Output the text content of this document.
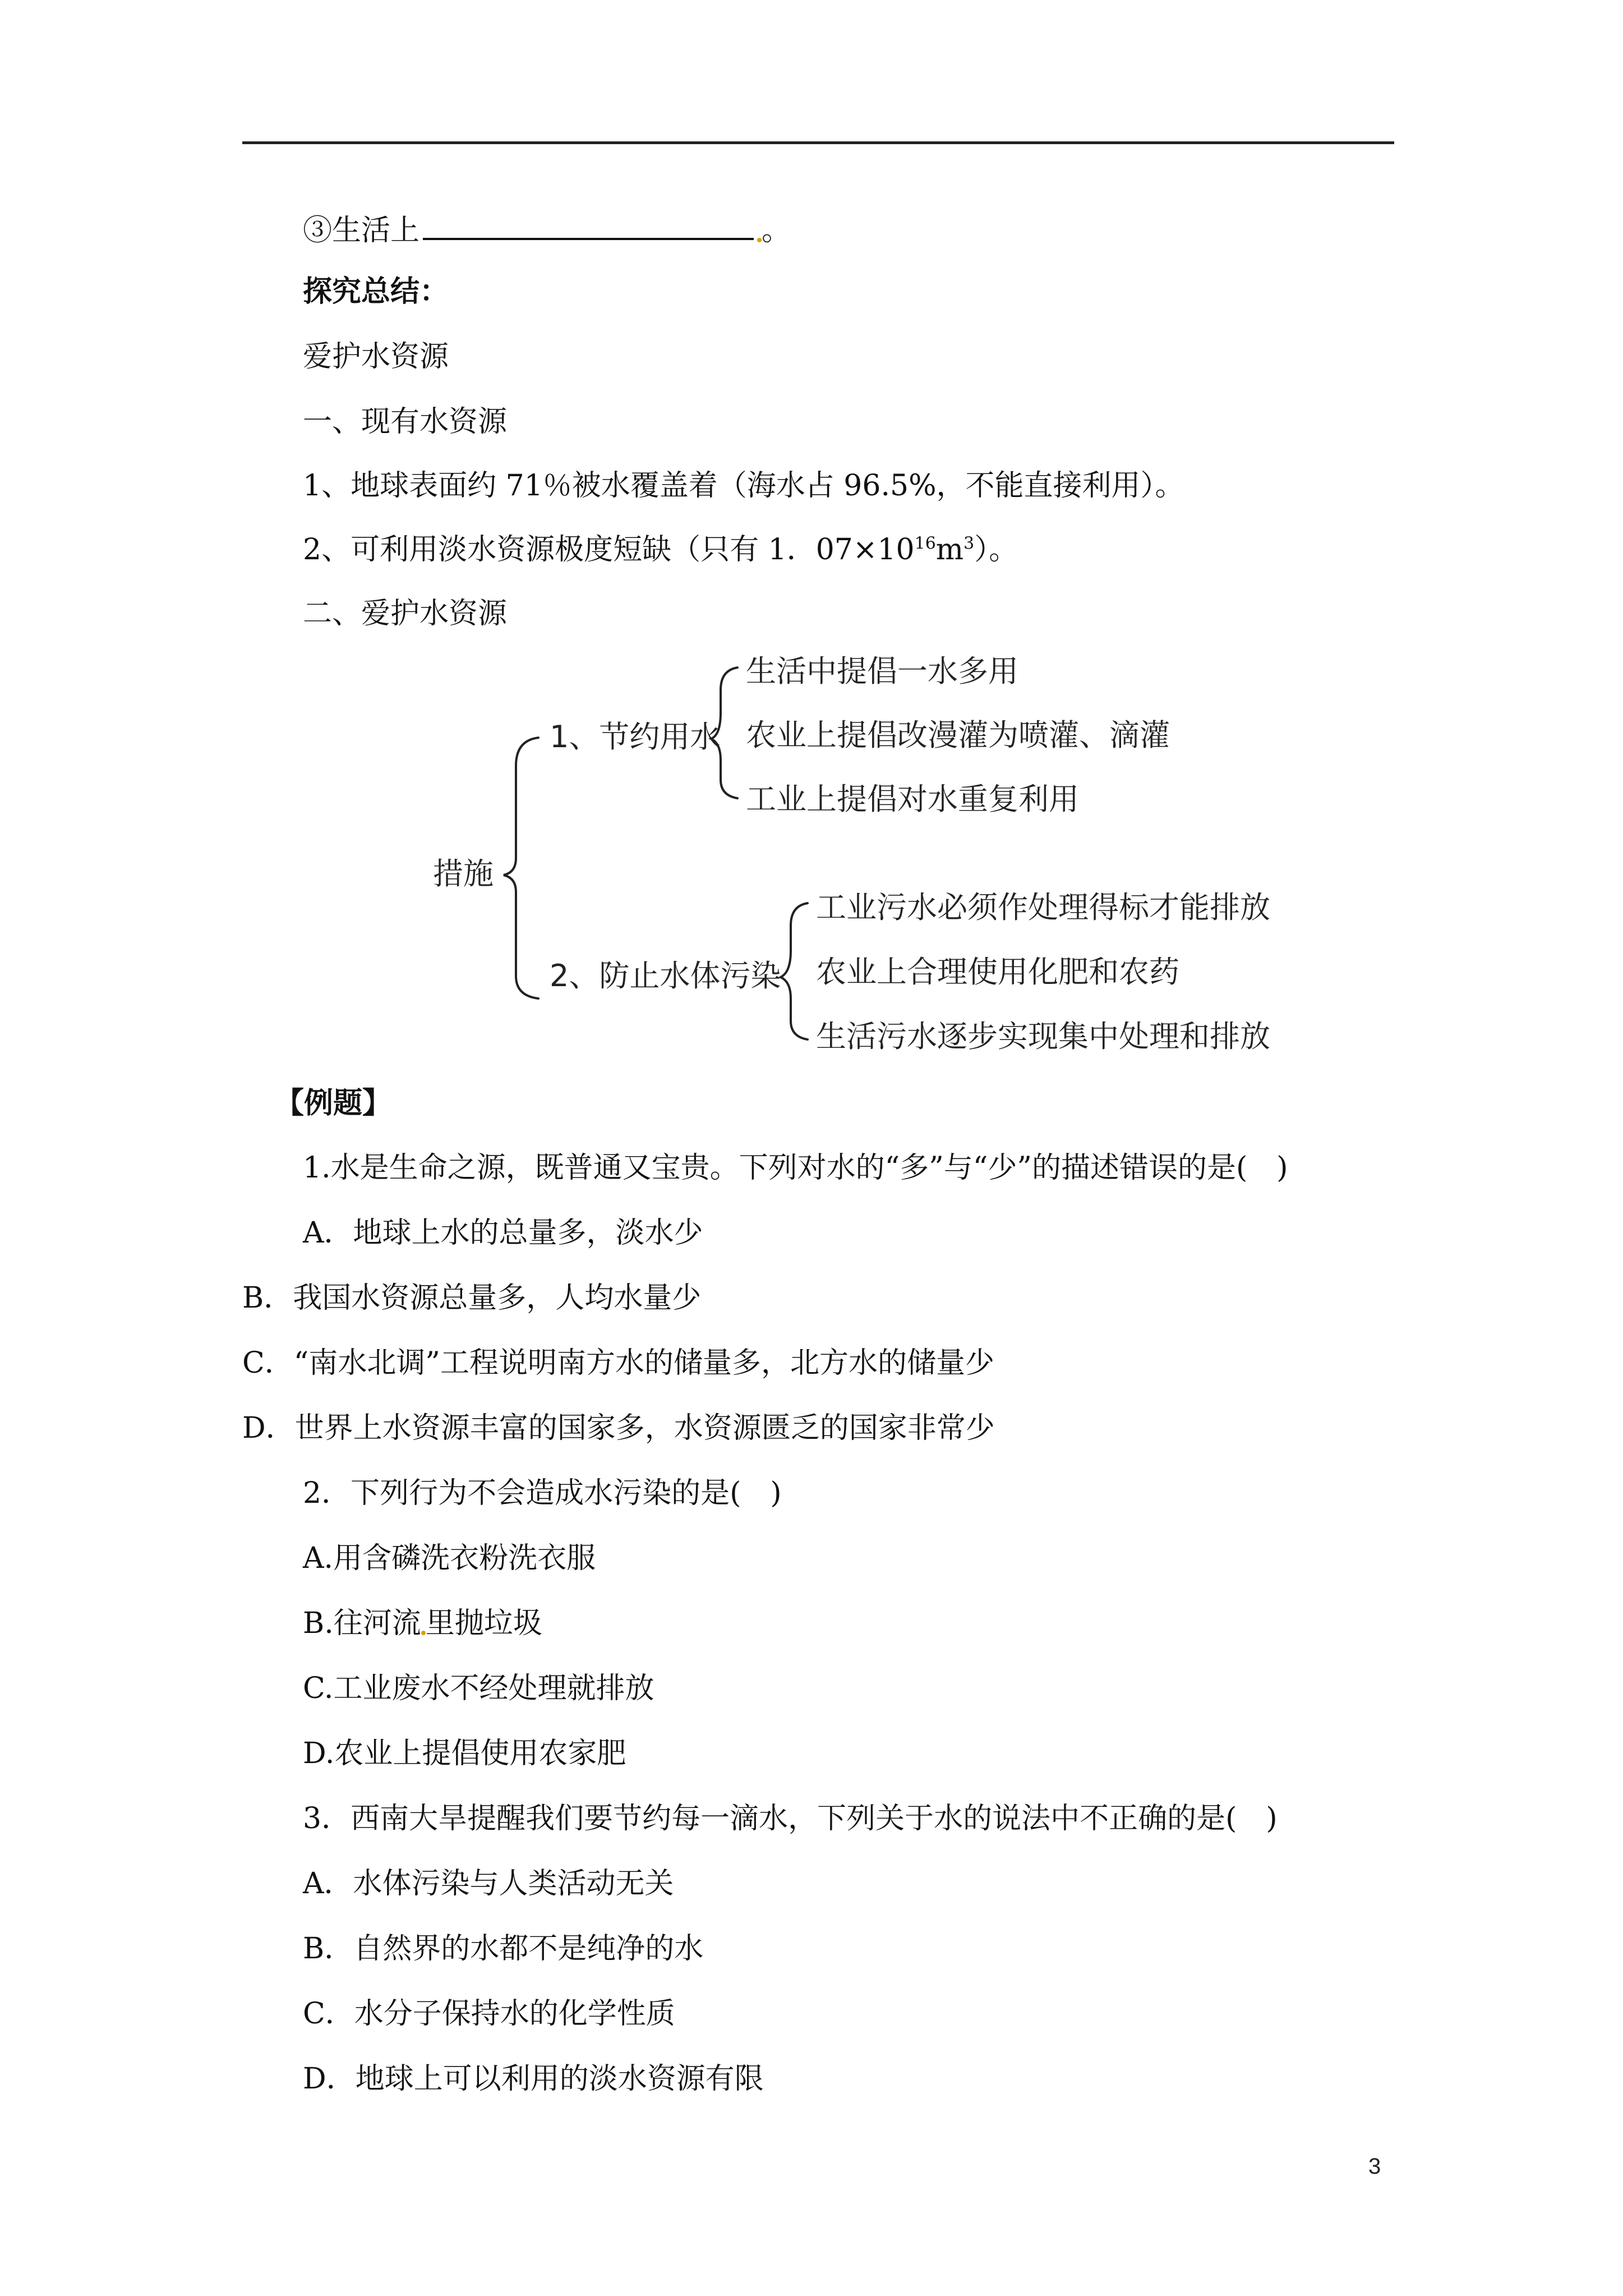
③生活上	。
探究总结：
爱护水资源
一、现有水资源
1、地球表面约 71％被水覆盖着（海水占 96.5%，不能直接利用）。
2、可利用淡水资源极度短缺（只有 1．$07\times 10^{16}m^3$）。
二、爱护水资源
措施
1、节约用水
生活中提倡一水多用
农业上提倡改漫灌为喷灌、滴灌
工业上提倡对水重复利用
2、防止水体污染
工业污水必须作处理得标才能排放
农业上合理使用化肥和农药
生活污水逐步实现集中处理和排放
【例题】
1.水是生命之源，既普通又宝贵。下列对水的“多”与“少”的描述错误的是(　)
A．地球上水的总量多，淡水少
B．我国水资源总量多，人均水量少
C．“南水北调”工程说明南方水的储量多，北方水的储量少
D．世界上水资源丰富的国家多，水资源匮乏的国家非常少
2．下列行为不会造成水污染的是(　)
A.用含磷洗衣粉洗衣服
B.往河流 里抛垃圾
C.工业废水不经处理就排放
D.农业上提倡使用农家肥
3．西南大旱提醒我们要节约每一滴水，下列关于水的说法中不正确的是(　)
A．水体污染与人类活动无关
B．自然界的水都不是纯净的水
C．水分子保持水的化学性质
D．地球上可以利用的淡水资源有限
3
